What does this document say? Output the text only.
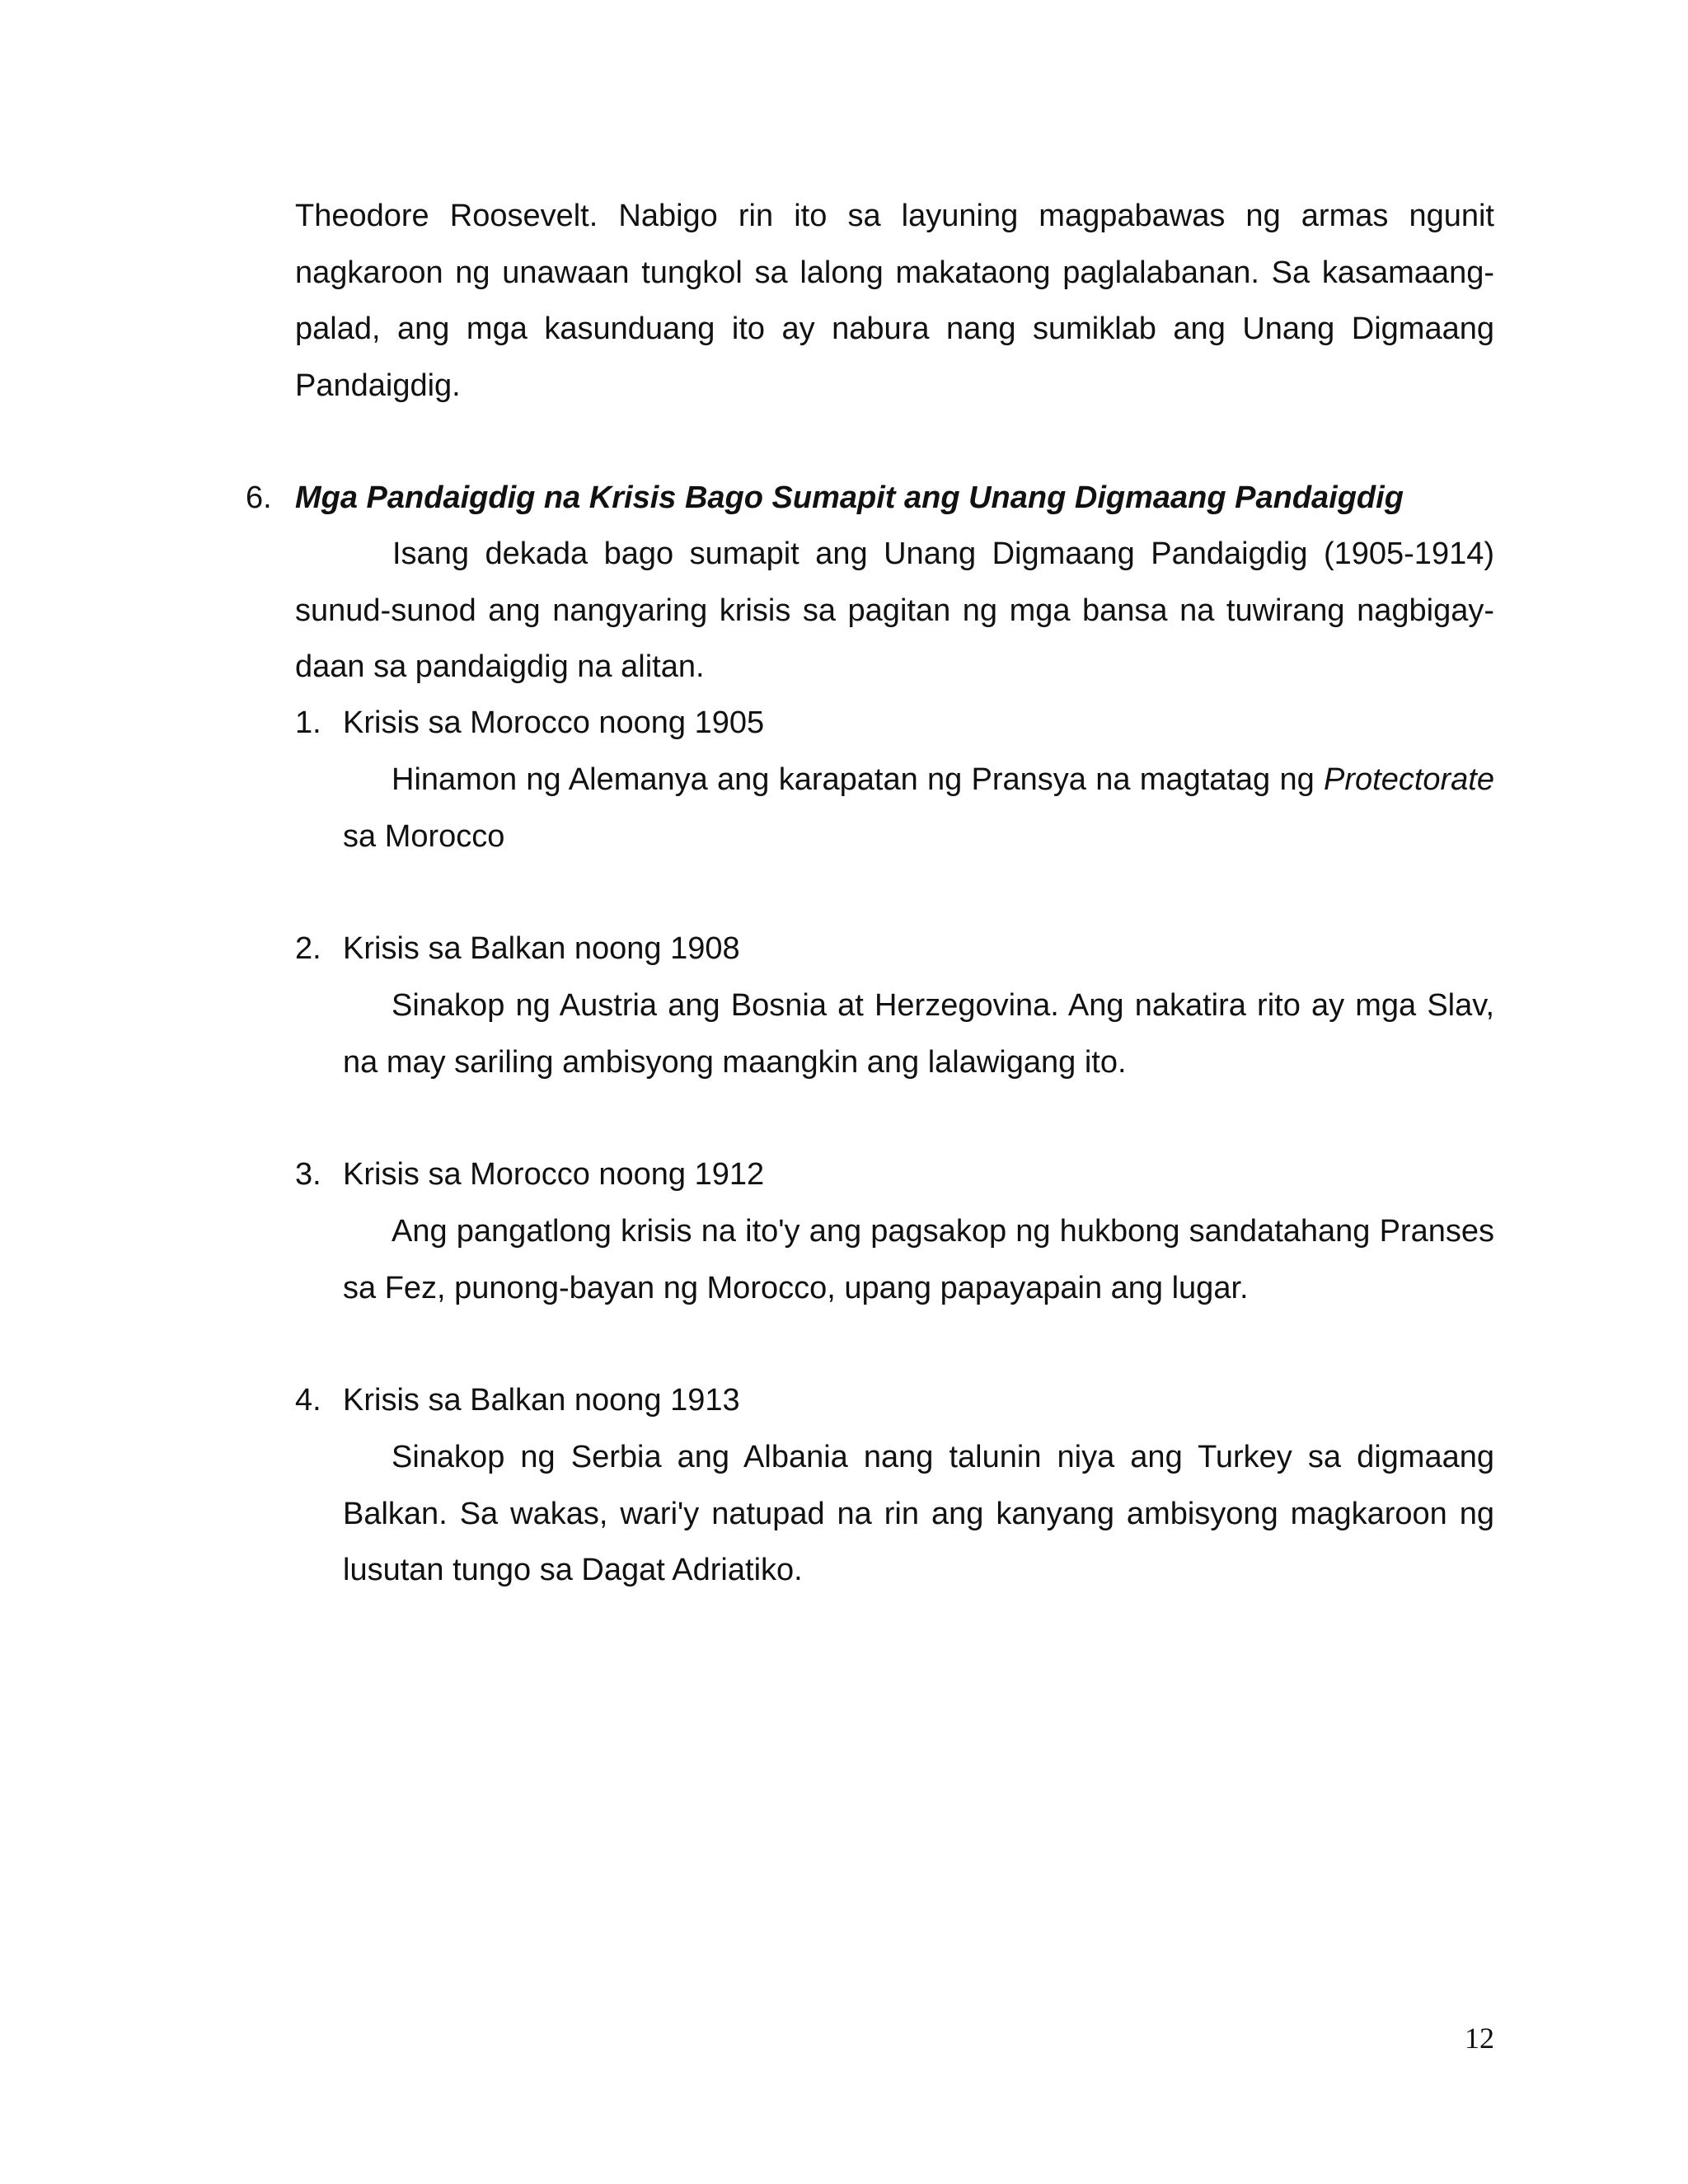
Theodore Roosevelt. Nabigo rin ito sa layuning magpabawas ng armas ngunit nagkaroon ng unawaan tungkol sa lalong makataong paglalabanan. Sa kasamaang-palad, ang mga kasunduang ito ay nabura nang sumiklab ang Unang Digmaang Pandaigdig.
6. Mga Pandaigdig na Krisis Bago Sumapit ang Unang Digmaang Pandaigdig
Isang dekada bago sumapit ang Unang Digmaang Pandaigdig (1905-1914) sunud-sunod ang nangyaring krisis sa pagitan ng mga bansa na tuwirang nagbigay-daan sa pandaigdig na alitan.
1. Krisis sa Morocco noong 1905
Hinamon ng Alemanya ang karapatan ng Pransya na magtatag ng Protectorate sa Morocco
2. Krisis sa Balkan noong 1908
Sinakop ng Austria ang Bosnia at Herzegovina. Ang nakatira rito ay mga Slav, na may sariling ambisyong maangkin ang lalawigang ito.
3. Krisis sa Morocco noong 1912
Ang pangatlong krisis na ito'y ang pagsakop ng hukbong sandatahang Pranses sa Fez, punong-bayan ng Morocco, upang papayapain ang lugar.
4. Krisis sa Balkan noong 1913
Sinakop ng Serbia ang Albania nang talunin niya ang Turkey sa digmaang Balkan. Sa wakas, wari'y natupad na rin ang kanyang ambisyong magkaroon ng lusutan tungo sa Dagat Adriatiko.
12
